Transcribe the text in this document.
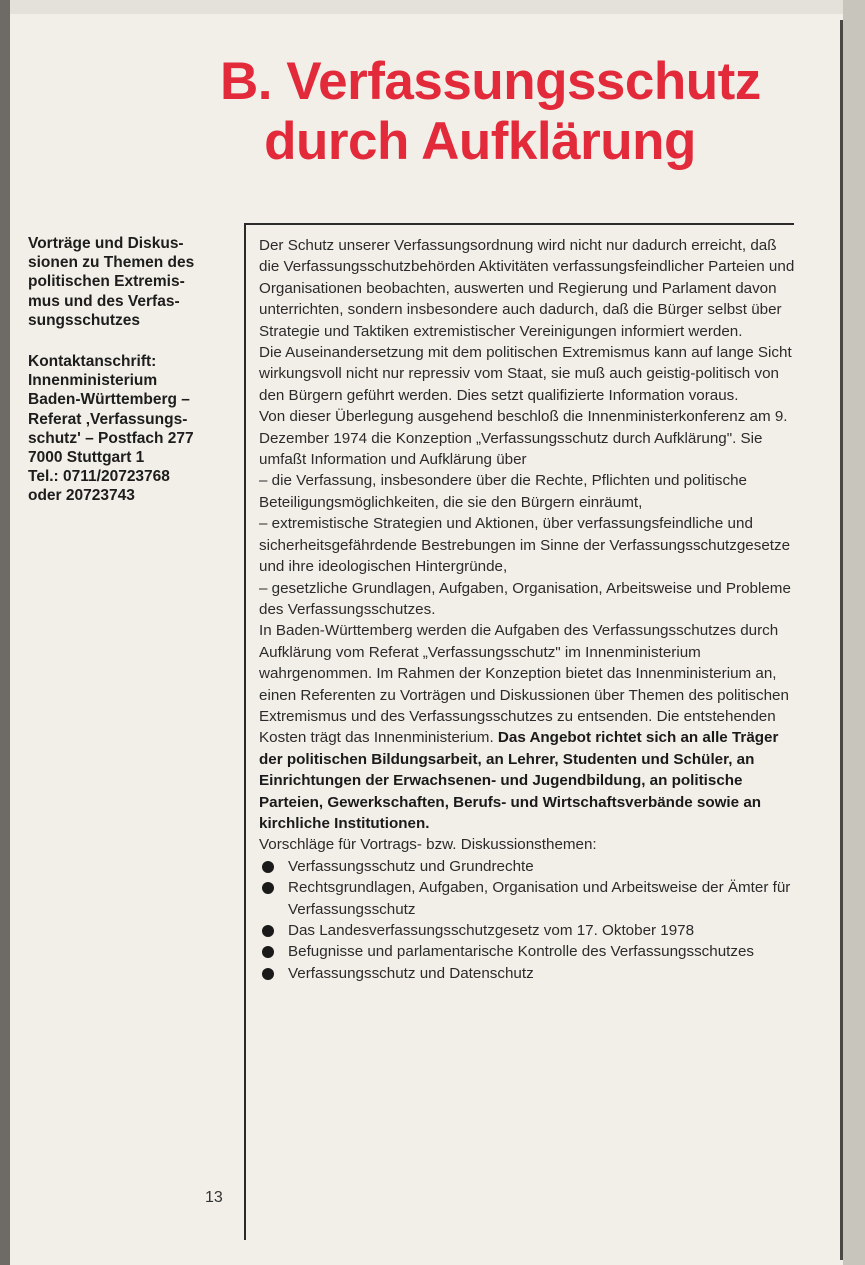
B. Verfassungsschutz
durch Aufklärung
Vorträge und Diskus-
sionen zu Themen des
politischen Extremis-
mus und des Verfas-
sungsschutzes
Kontaktanschrift:
Innenministerium
Baden-Württemberg –
Referat ‚Verfassungs-
schutz' – Postfach 277
7000 Stuttgart 1
Tel.: 0711/20723768
oder 20723743
13

Der Schutz unserer Verfassungsordnung wird nicht nur dadurch erreicht, daß die Verfassungsschutzbehörden Aktivitäten verfassungsfeindlicher Parteien und Organisationen beobachten, auswerten und Regierung und Parlament davon unterrichten, sondern insbesondere auch dadurch, daß die Bürger selbst über Strategie und Taktiken extremistischer Vereinigungen informiert werden.

Die Auseinandersetzung mit dem politischen Extremismus kann auf lange Sicht wirkungsvoll nicht nur repressiv vom Staat, sie muß auch geistig-politisch von den Bürgern geführt werden. Dies setzt qualifizierte Information voraus.

Von dieser Überlegung ausgehend beschloß die Innenministerkonferenz am 9. Dezember 1974 die Konzeption „Verfassungsschutz durch Aufklärung". Sie umfaßt Information und Aufklärung über

– die Verfassung, insbesondere über die Rechte, Pflichten und politische Beteiligungsmöglichkeiten, die sie den Bürgern einräumt,

– extremistische Strategien und Aktionen, über verfassungsfeindliche und sicherheitsgefährdende Bestrebungen im Sinne der Verfassungsschutzgesetze und ihre ideologischen Hintergründe,

– gesetzliche Grundlagen, Aufgaben, Organisation, Arbeitsweise und Probleme des Verfassungsschutzes.

In Baden-Württemberg werden die Aufgaben des Verfassungsschutzes durch Aufklärung vom Referat „Verfassungsschutz" im Innenministerium wahrgenommen. Im Rahmen der Konzeption bietet das Innenministerium an, einen Referenten zu Vorträgen und Diskussionen über Themen des politischen Extremismus und des Verfassungsschutzes zu entsenden. Die entstehenden Kosten trägt das Innenministerium. Das Angebot richtet sich an alle Träger der politischen Bildungsarbeit, an Lehrer, Studenten und Schüler, an Einrichtungen der Erwachsenen- und Jugendbildung, an politische Parteien, Gewerkschaften, Berufs- und Wirtschaftsverbände sowie an kirchliche Institutionen.

Vorschläge für Vortrags- bzw. Diskussionsthemen:

Verfassungsschutz und Grundrechte
Rechtsgrundlagen, Aufgaben, Organisation und Arbeitsweise der Ämter für Verfassungsschutz
Das Landesverfassungsschutzgesetz vom 17. Oktober 1978
Befugnisse und parlamentarische Kontrolle des Verfassungsschutzes
Verfassungsschutz und Datenschutz
